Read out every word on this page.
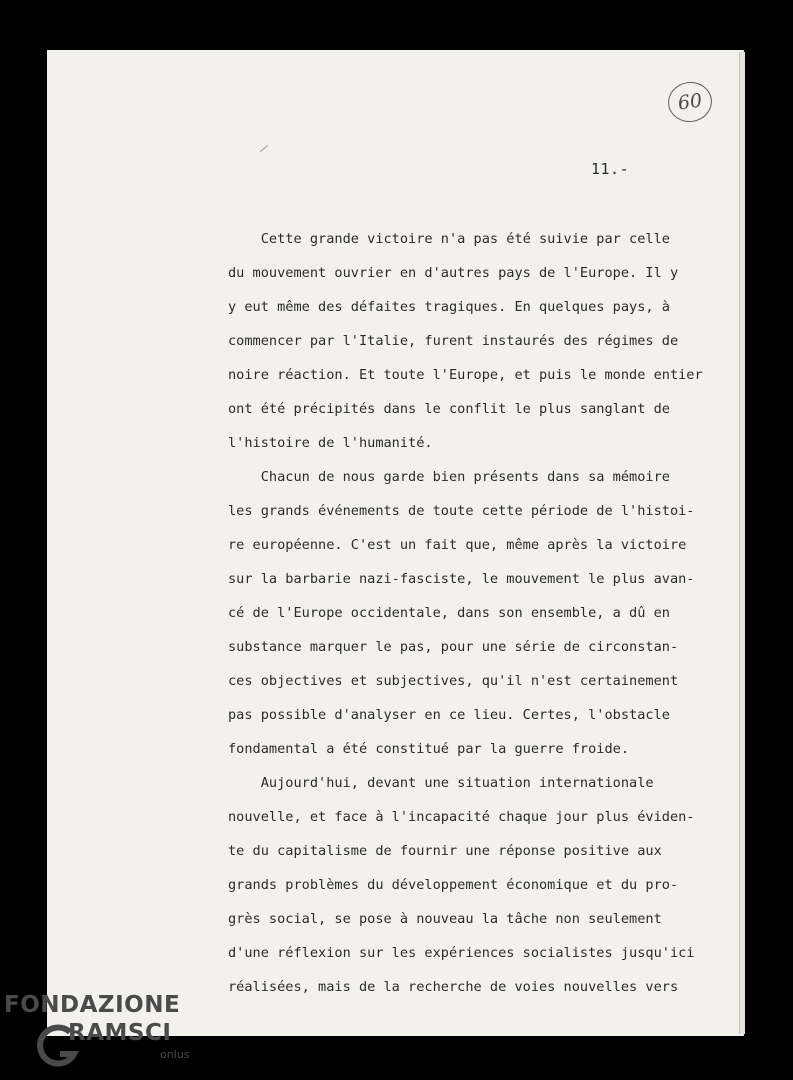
60
11.-
Cette grande victoire n'a pas été suivie par celle
du mouvement ouvrier en d'autres pays de l'Europe. Il y
y eut même des défaites tragiques. En quelques pays, à
commencer par l'Italie, furent instaurés des régimes de
noire réaction. Et toute l'Europe, et puis le monde entier
ont été précipités dans le conflit le plus sanglant de
l'histoire de l'humanité.
Chacun de nous garde bien présents dans sa mémoire
les grands événements de toute cette période de l'histoi-
re européenne. C'est un fait que, même après la victoire
sur la barbarie nazi-fasciste, le mouvement le plus avan-
cé de l'Europe occidentale, dans son ensemble, a dû en
substance marquer le pas, pour une série de circonstan-
ces objectives et subjectives, qu'il n'est certainement
pas possible d'analyser en ce lieu. Certes, l'obstacle
fondamental a été constitué par la guerre froide.
Aujourd'hui, devant une situation internationale
nouvelle, et face à l'incapacité chaque jour plus éviden-
te du capitalisme de fournir une réponse positive aux
grands problèmes du développement économique et du pro-
grès social, se pose à nouveau la tâche non seulement
d'une réflexion sur les expériences socialistes jusqu'ici
réalisées, mais de la recherche de voies nouvelles vers
FONDAZIONE
RAMSCI
onlus
